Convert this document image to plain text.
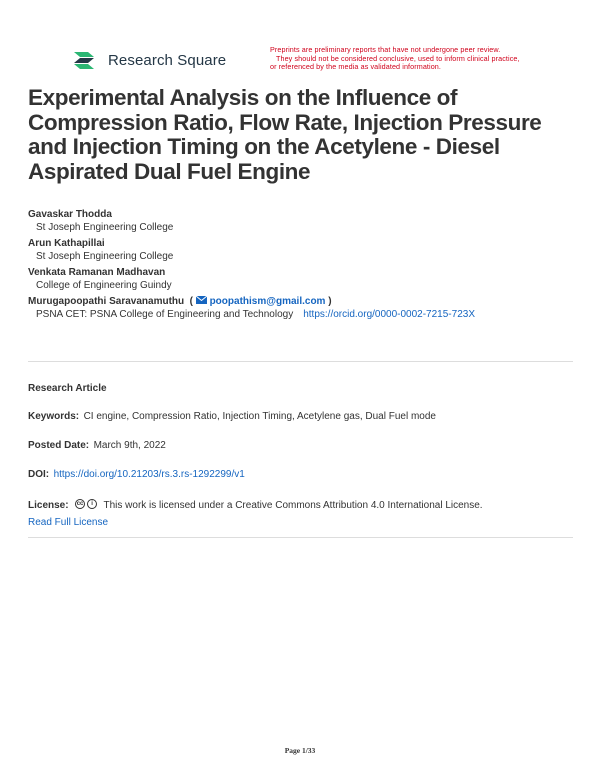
Research Square
Preprints are preliminary reports that have not undergone peer review.
They should not be considered conclusive, used to inform clinical practice,
or referenced by the media as validated information.
Experimental Analysis on the Influence of Compression Ratio, Flow Rate, Injection Pressure and Injection Timing on the Acetylene - Diesel Aspirated Dual Fuel Engine
Gavaskar Thodda
St Joseph Engineering College
Arun Kathapillai
St Joseph Engineering College
Venkata Ramanan Madhavan
College of Engineering Guindy
Murugapoopathi Saravanamuthu  (  poopathism@gmail.com )
PSNA CET: PSNA College of Engineering and Technology https://orcid.org/0000-0002-7215-723X
Research Article
Keywords: CI engine, Compression Ratio, Injection Timing, Acetylene gas, Dual Fuel mode
Posted Date: March 9th, 2022
DOI: https://doi.org/10.21203/rs.3.rs-1292299/v1
License: cc	i	This work is licensed under a Creative Commons Attribution 4.0 International License.
Read Full License
Page 1/33
